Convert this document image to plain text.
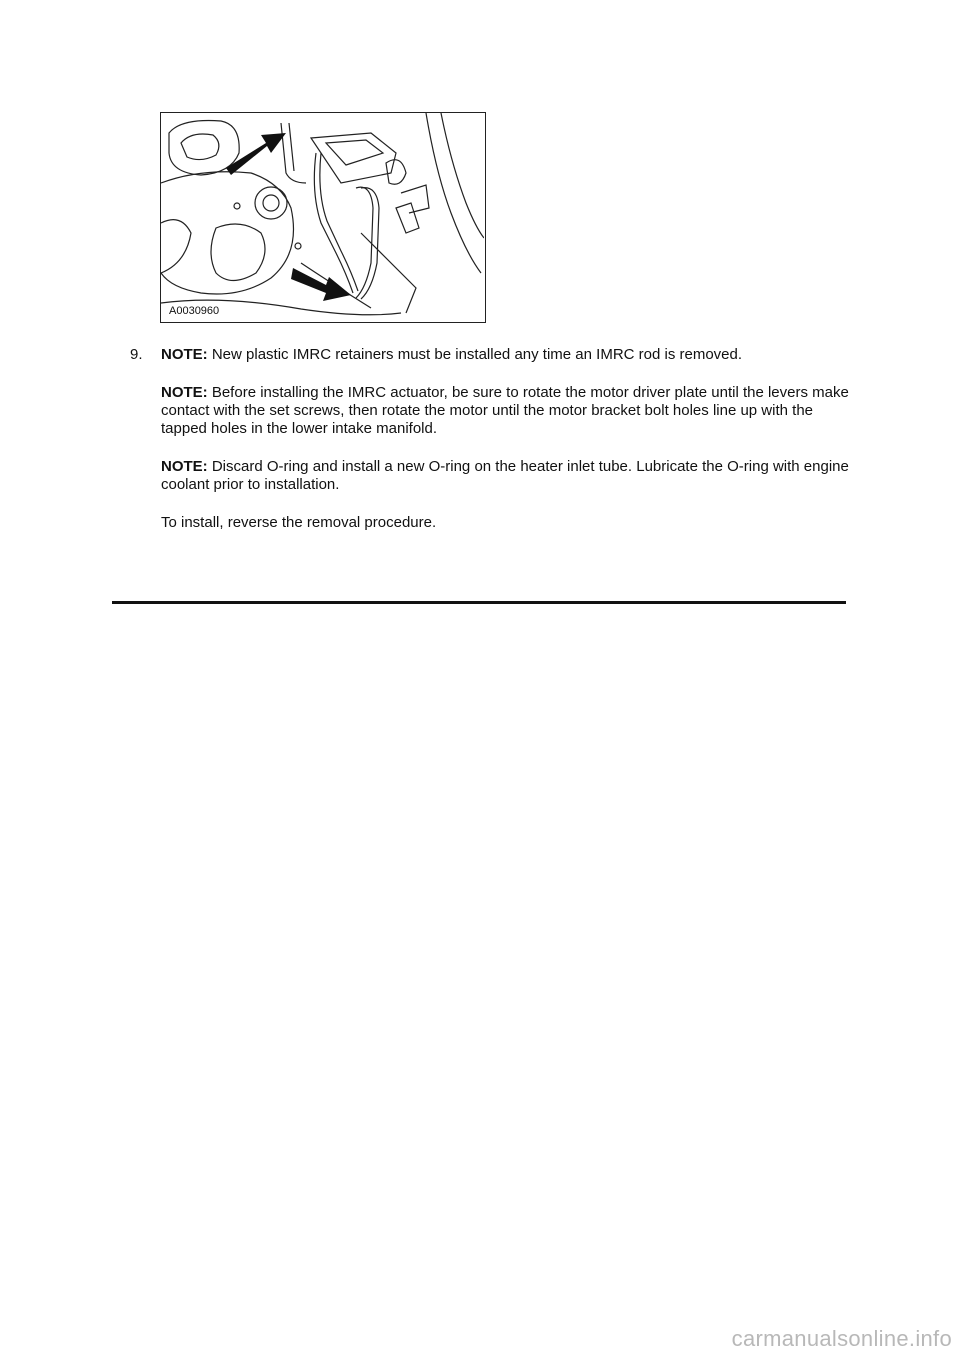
A0030960
9. NOTE: New plastic IMRC retainers must be installed any time an IMRC rod is removed.

NOTE: Before installing the IMRC actuator, be sure to rotate the motor driver plate until the levers make contact with the set screws, then rotate the motor until the motor bracket bolt holes line up with the tapped holes in the lower intake manifold.

NOTE: Discard O-ring and install a new O-ring on the heater inlet tube. Lubricate the O-ring with engine coolant prior to installation.

To install, reverse the removal procedure.

carmanualsonline.info
